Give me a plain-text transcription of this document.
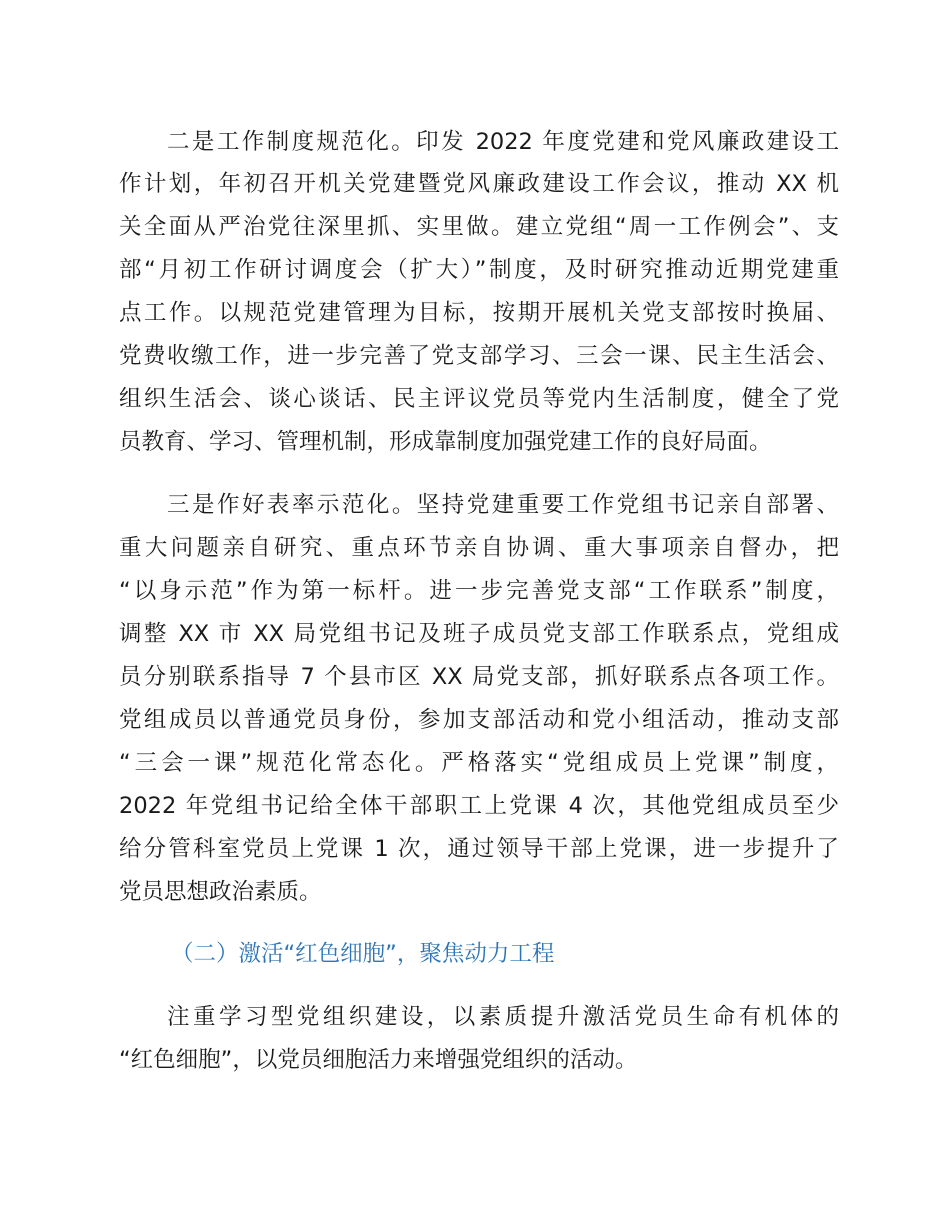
二是工作制度规范化。印发 2022 年度党建和党风廉政建设工
作计划，年初召开机关党建暨党风廉政建设工作会议，推动 XX 机
关全面从严治党往深里抓、实里做。建立党组“周一工作例会”、支
部“月初工作研讨调度会（扩大）”制度，及时研究推动近期党建重
点工作。以规范党建管理为目标，按期开展机关党支部按时换届、
党费收缴工作，进一步完善了党支部学习、三会一课、民主生活会、
组织生活会、谈心谈话、民主评议党员等党内生活制度，健全了党
员教育、学习、管理机制，形成靠制度加强党建工作的良好局面。
三是作好表率示范化。坚持党建重要工作党组书记亲自部署、
重大问题亲自研究、重点环节亲自协调、重大事项亲自督办，把
“以身示范”作为第一标杆。进一步完善党支部“工作联系”制度，
调整 XX 市 XX 局党组书记及班子成员党支部工作联系点，党组成
员分别联系指导 7 个县市区 XX 局党支部，抓好联系点各项工作。
党组成员以普通党员身份，参加支部活动和党小组活动，推动支部
“三会一课”规范化常态化。严格落实“党组成员上党课”制度，
2022 年党组书记给全体干部职工上党课 4 次，其他党组成员至少
给分管科室党员上党课 1 次，通过领导干部上党课，进一步提升了
党员思想政治素质。
（二）激活“红色细胞”，聚焦动力工程
注重学习型党组织建设，以素质提升激活党员生命有机体的
“红色细胞”，以党员细胞活力来增强党组织的活动。
